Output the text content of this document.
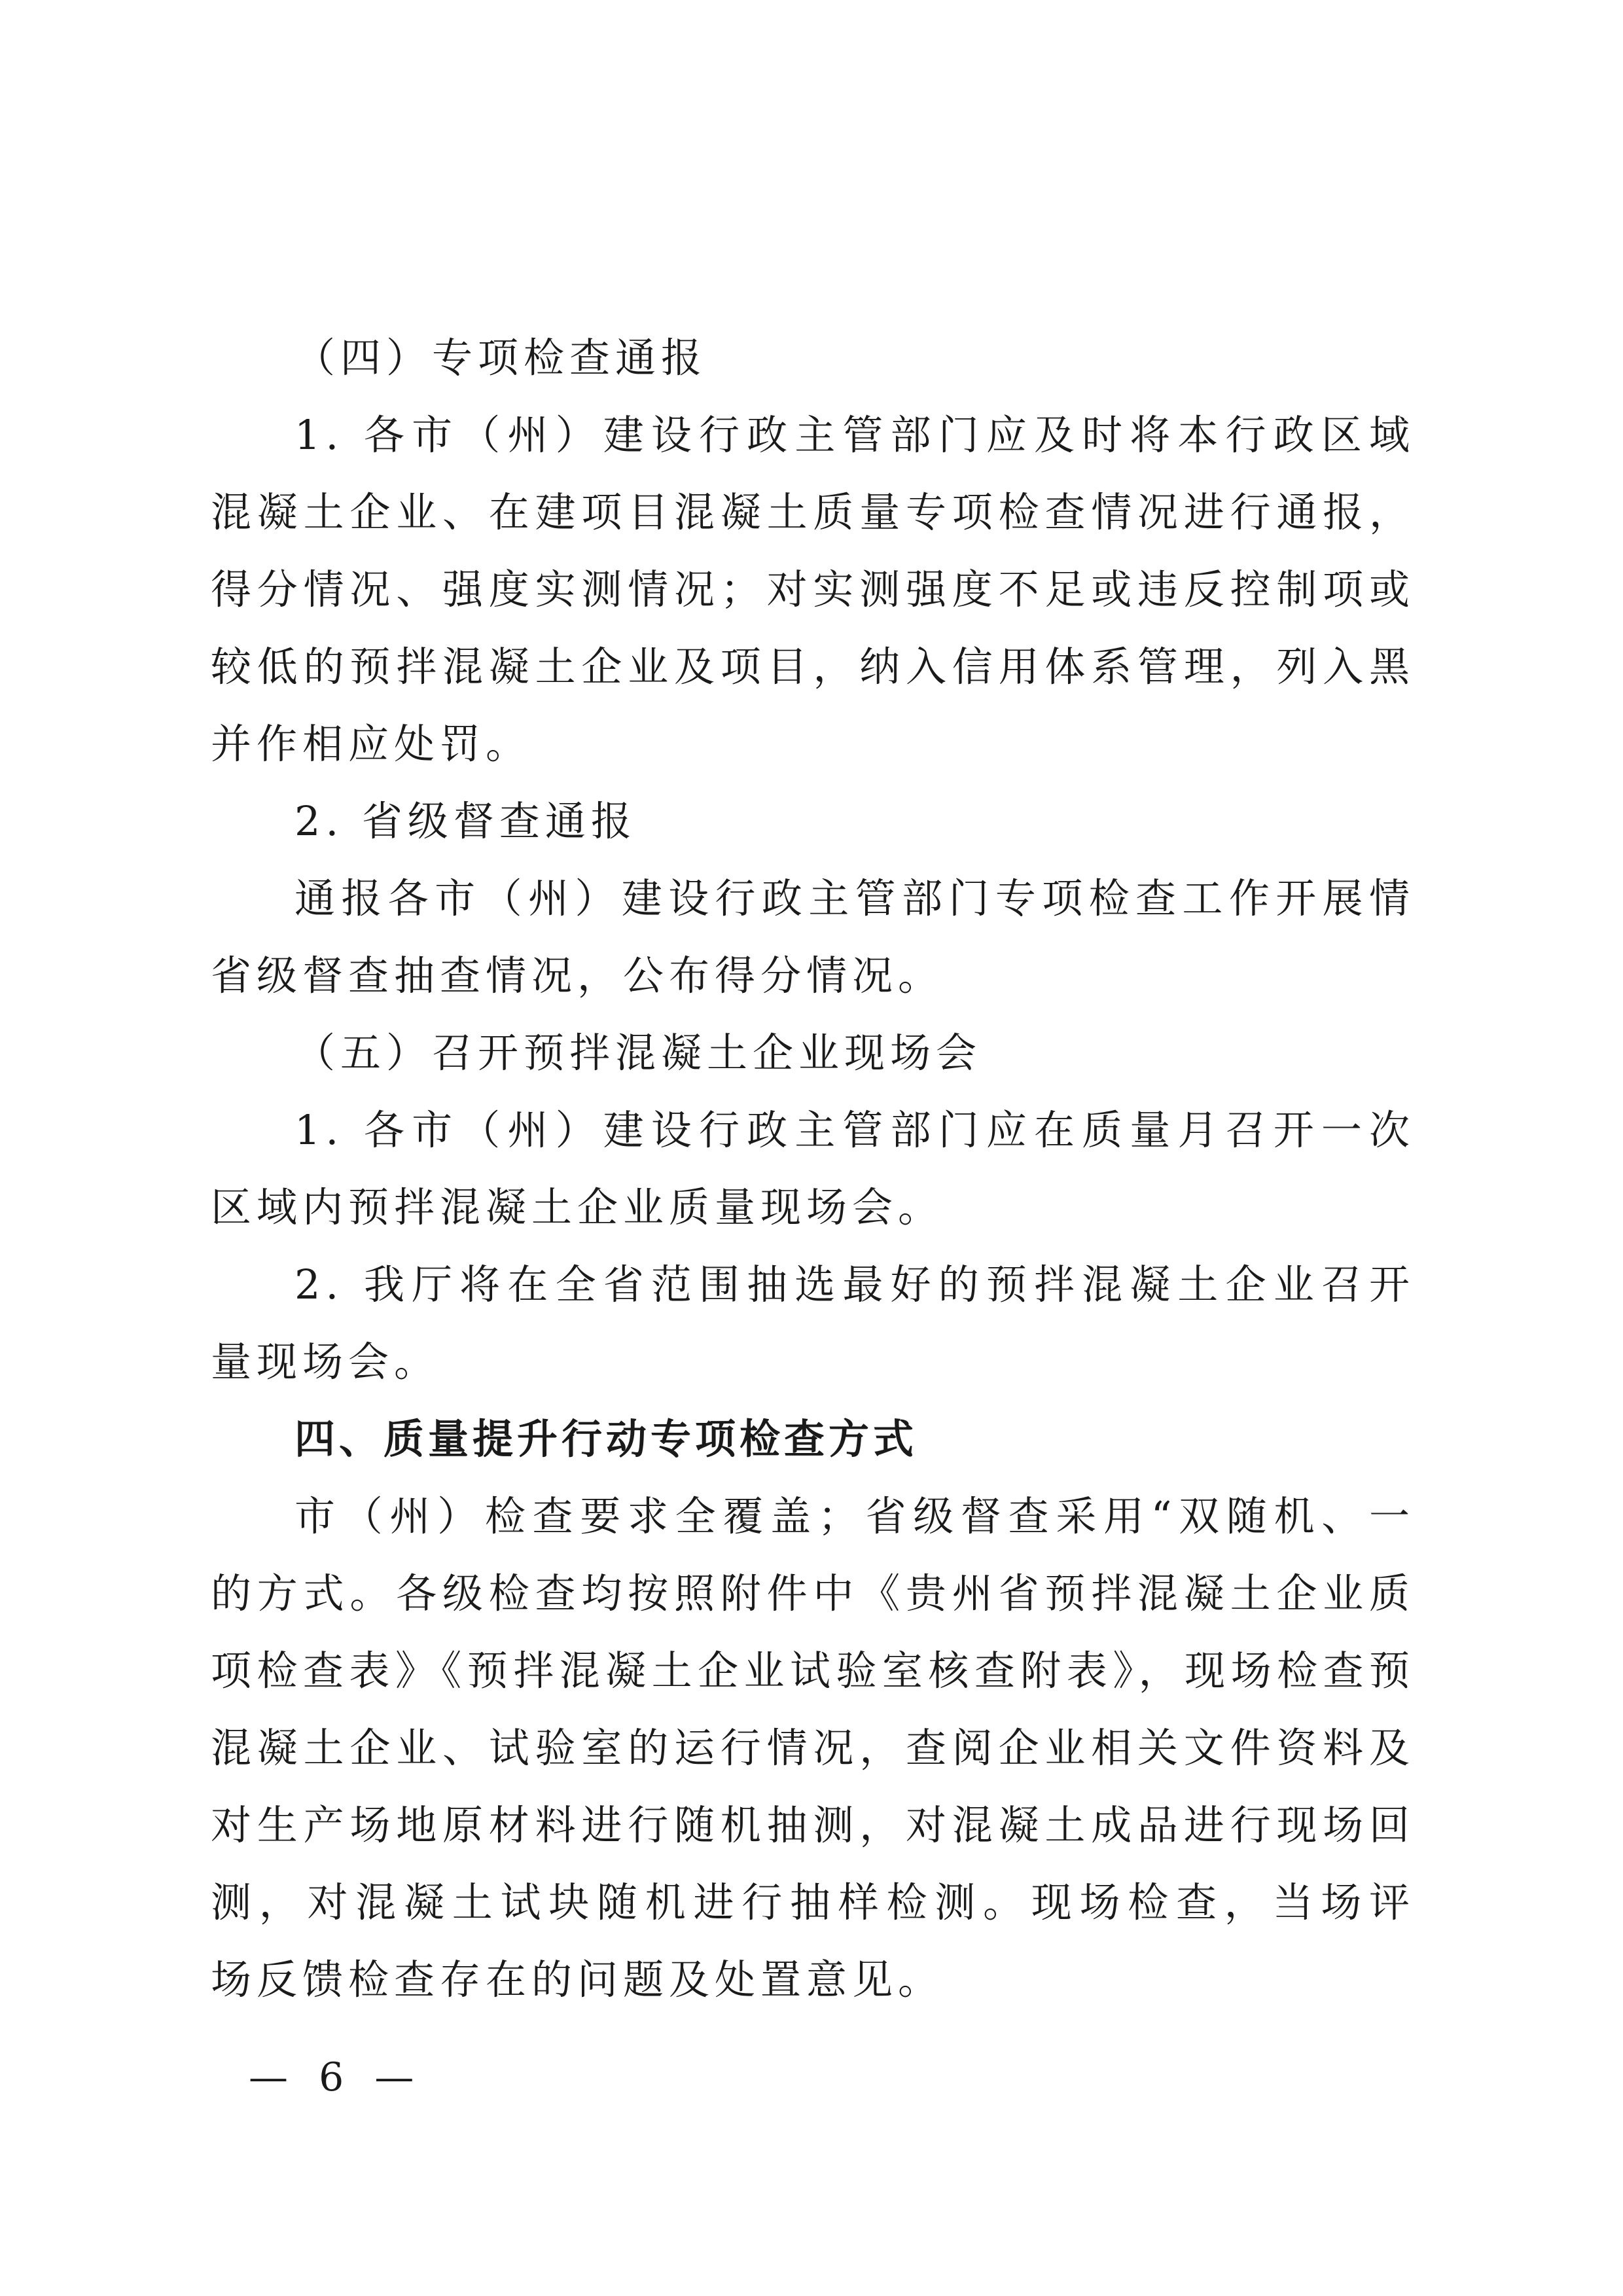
（四）专项检查通报
1. 各市（州）建设行政主管部门应及时将本行政区域
混凝土企业、在建项目混凝土质量专项检查情况进行通报，
得分情况、强度实测情况；对实测强度不足或违反控制项或
较低的预拌混凝土企业及项目，纳入信用体系管理，列入黑
并作相应处罚。
2. 省级督查通报
通报各市（州）建设行政主管部门专项检查工作开展情
省级督查抽查情况，公布得分情况。
（五）召开预拌混凝土企业现场会
1. 各市（州）建设行政主管部门应在质量月召开一次
区域内预拌混凝土企业质量现场会。
2. 我厅将在全省范围抽选最好的预拌混凝土企业召开
量现场会。
四、质量提升行动专项检查方式
市（州）检查要求全覆盖；省级督查采用“双随机、一
的方式。各级检查均按照附件中《贵州省预拌混凝土企业质
项检查表》《预拌混凝土企业试验室核查附表》，现场检查预
混凝土企业、试验室的运行情况，查阅企业相关文件资料及
对生产场地原材料进行随机抽测，对混凝土成品进行现场回
测，对混凝土试块随机进行抽样检测。现场检查，当场评
场反馈检查存在的问题及处置意见。
— 6 —
